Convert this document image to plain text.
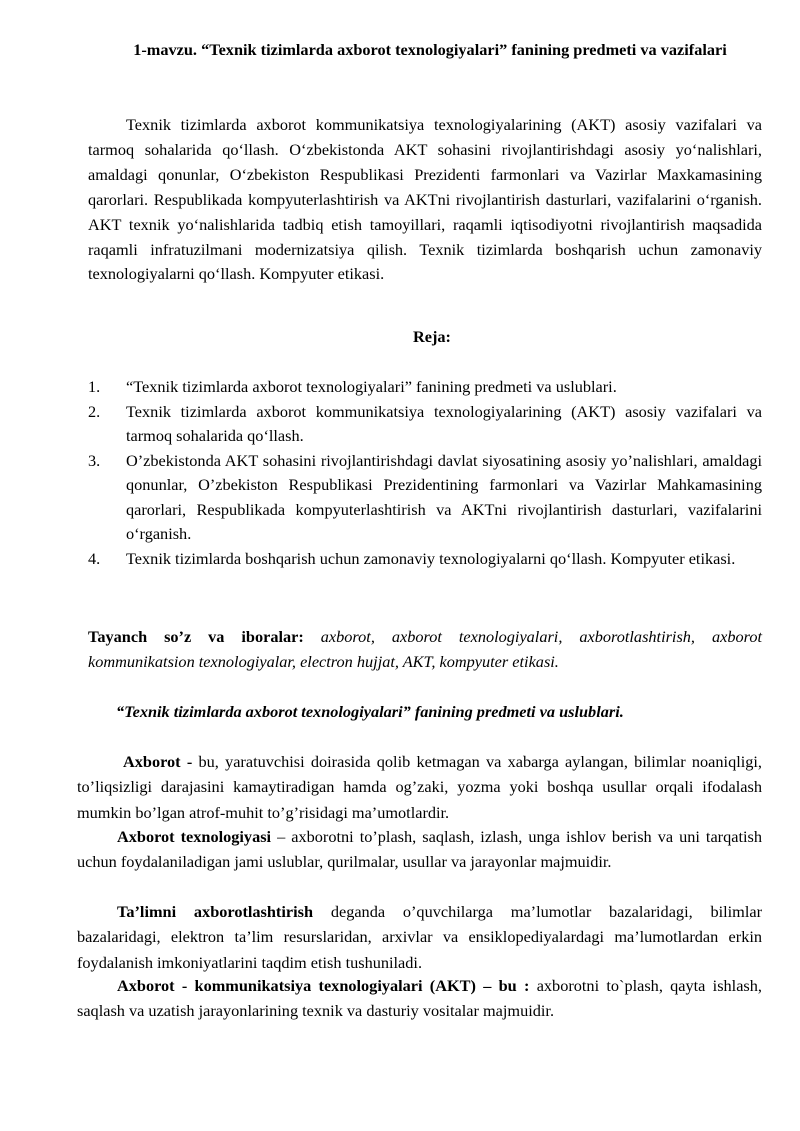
1-mavzu. “Texnik tizimlarda axborot texnologiyalari” fanining predmeti va vazifalari

Texnik tizimlarda axborot kommunikatsiya texnologiyalarining (AKT) asosiy vazifalari va tarmoq sohalarida qo‘llash. O‘zbekistonda AKT sohasini rivojlantirishdagi asosiy yo‘nalishlari, amaldagi qonunlar, O‘zbekiston Respublikasi Prezidenti farmonlari va Vazirlar Maxkamasining qarorlari. Respublikada kompyuterlashtirish va AKTni rivojlantirish dasturlari, vazifalarini o‘rganish. AKT texnik yo‘nalishlarida tadbiq etish tamoyillari, raqamli iqtisodiyotni rivojlantirish maqsadida raqamli infratuzilmani modernizatsiya qilish. Texnik tizimlarda boshqarish uchun zamonaviy texnologiyalarni qo‘llash. Kompyuter etikasi.

Reja:

1. “Texnik tizimlarda axborot texnologiyalari” fanining predmeti va uslublari.
2. Texnik tizimlarda axborot kommunikatsiya texnologiyalarining (AKT) asosiy vazifalari va tarmoq sohalarida qo‘llash.
3. O’zbekistonda AKT sohasini rivojlantirishdagi davlat siyosatining asosiy yo’nalishlari, amaldagi qonunlar, O’zbekiston Respublikasi Prezidentining farmonlari va Vazirlar Mahkamasining qarorlari, Respublikada kompyuterlashtirish va AKTni rivojlantirish dasturlari, vazifalarini o‘rganish.
4. Texnik tizimlarda boshqarish uchun zamonaviy texnologiyalarni qo‘llash. Kompyuter etikasi.

Tayanch so’z va iboralar: axborot, axborot texnologiyalari, axborotlashtirish, axborot kommunikatsion texnologiyalar, electron hujjat, AKT, kompyuter etikasi.

“Texnik tizimlarda axborot texnologiyalari” fanining predmeti va uslublari.

Axborot - bu, yaratuvchisi doirasida qolib ketmagan va xabarga aylangan, bilimlar noaniqligi, to’liqsizligi darajasini kamaytiradigan hamda og’zaki, yozma yoki boshqa usullar orqali ifodalash mumkin bo’lgan atrof-muhit to’g’risidagi ma’umotlardir.

Axborot texnologiyasi – axborotni to’plash, saqlash, izlash, unga ishlov berish va uni tarqatish uchun foydalaniladigan jami uslublar, qurilmalar, usullar va jarayonlar majmuidir.

Ta’limni axborotlashtirish deganda o’quvchilarga ma’lumotlar bazalaridagi, bilimlar bazalaridagi, elektron ta’lim resurslaridan, arxivlar va ensiklopediyalardagi ma’lumotlardan erkin foydalanish imkoniyatlarini taqdim etish tushuniladi.

Axborot - kommunikatsiya texnologiyalari (AKT) – bu : axborotni to`plash, qayta ishlash, saqlash va uzatish jarayonlarining texnik va dasturiy vositalar majmuidir.
